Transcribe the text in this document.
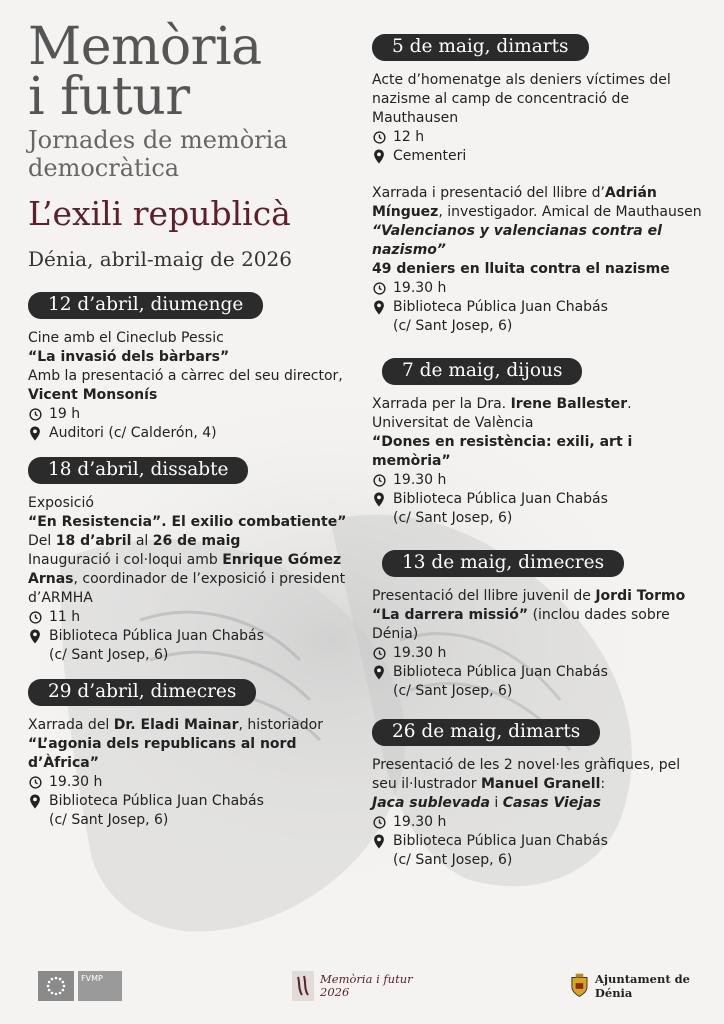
Memòria
i futur
Jornades de memòria
democràtica
L’exili republicà
Dénia, abril-maig de 2026
12 d’abril, diumenge

Cine amb el Cineclub Pessic

“La invasió dels bàrbars”

Amb la presentació a càrrec del seu director,

Vicent Monsonís

19 h
Auditori (c/ Calderón, 4)
18 d’abril, dissabte

Exposició

“En Resistencia”. El exilio combatiente”

Del 18 d’abril al 26 de maig

Inauguració i col·loqui amb Enrique Gómez

Arnas, coordinador de l’exposició i president

d’ARMHA

11 h
Biblioteca Pública Juan Chabás

(c/ Sant Josep, 6)

29 d’abril, dimecres

Xarrada del Dr. Eladi Mainar, historiador

“L’agonia dels republicans al nord d’Àfrica”

19.30 h
Biblioteca Pública Juan Chabás

(c/ Sant Josep, 6)

5 de maig, dimarts

Acte d’homenatge als deniers víctimes del

nazisme al camp de concentració de

Mauthausen

12 h
Cementeri

Xarrada i presentació del llibre d’Adrián

Mínguez, investigador. Amical de Mauthausen

“Valencianos y valencianas contra el nazismo”

49 deniers en lluita contra el nazisme

19.30 h
Biblioteca Pública Juan Chabás

(c/ Sant Josep, 6)

7 de maig, dijous

Xarrada per la Dra. Irene Ballester.

Universitat de València

“Dones en resistència: exili, art i memòria”

19.30 h
Biblioteca Pública Juan Chabás

(c/ Sant Josep, 6)

13 de maig, dimecres

Presentació del llibre juvenil de Jordi Tormo

“La darrera missió” (inclou dades sobre

Dénia)

19.30 h
Biblioteca Pública Juan Chabás

(c/ Sant Josep, 6)

26 de maig, dimarts

Presentació de les 2 novel·les gràfiques, pel

seu il·lustrador Manuel Granell:

Jaca sublevada i Casas Viejas

19.30 h
Biblioteca Pública Juan Chabás

(c/ Sant Josep, 6)

FVMP	Memòria i futur
2026
Ajuntament de Dénia
